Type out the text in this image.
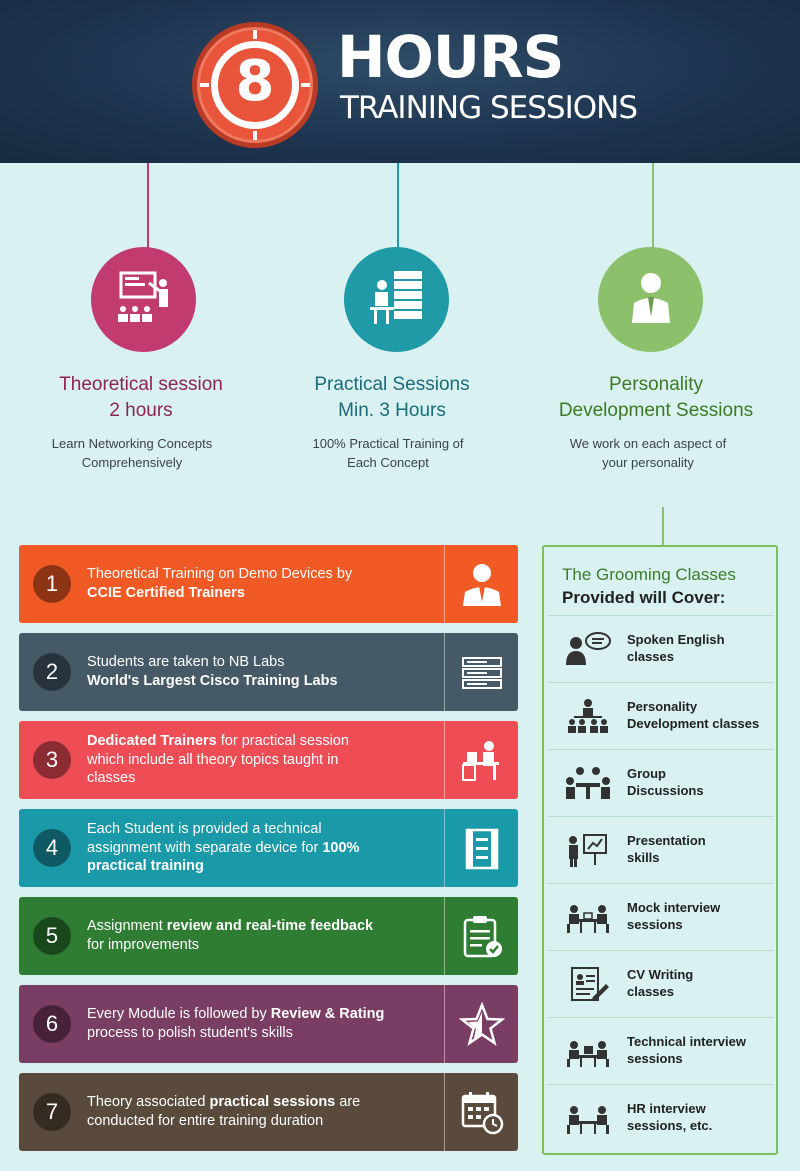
8	HOURS
TRAINING SESSIONS
Theoretical session
2 hours
Learn Networking Concepts
Comprehensively
Practical Sessions
Min. 3 Hours
100% Practical Training of
Each Concept
Personality
Development Sessions
We work on each aspect of
your personality
1	Theoretical Training on Demo Devices by
CCIE Certified Trainers
2	Students are taken to NB Labs
World's Largest Cisco Training Labs
3
Dedicated Trainers for practical session
which include all theory topics taught in
classes
4
Each Student is provided a technical
assignment with separate device for 100%
practical training
5	Assignment review and real-time feedback
for improvements
6	Every Module is followed by Review & Rating
process to polish student's skills
7	Theory associated practical sessions are
conducted for entire training duration
The Grooming Classes
Provided will Cover:
Spoken English
classes
Personality
Development classes
Group
Discussions
Presentation
skills
Mock interview
sessions
CV Writing
classes
Technical interview
sessions
HR interview
sessions, etc.
